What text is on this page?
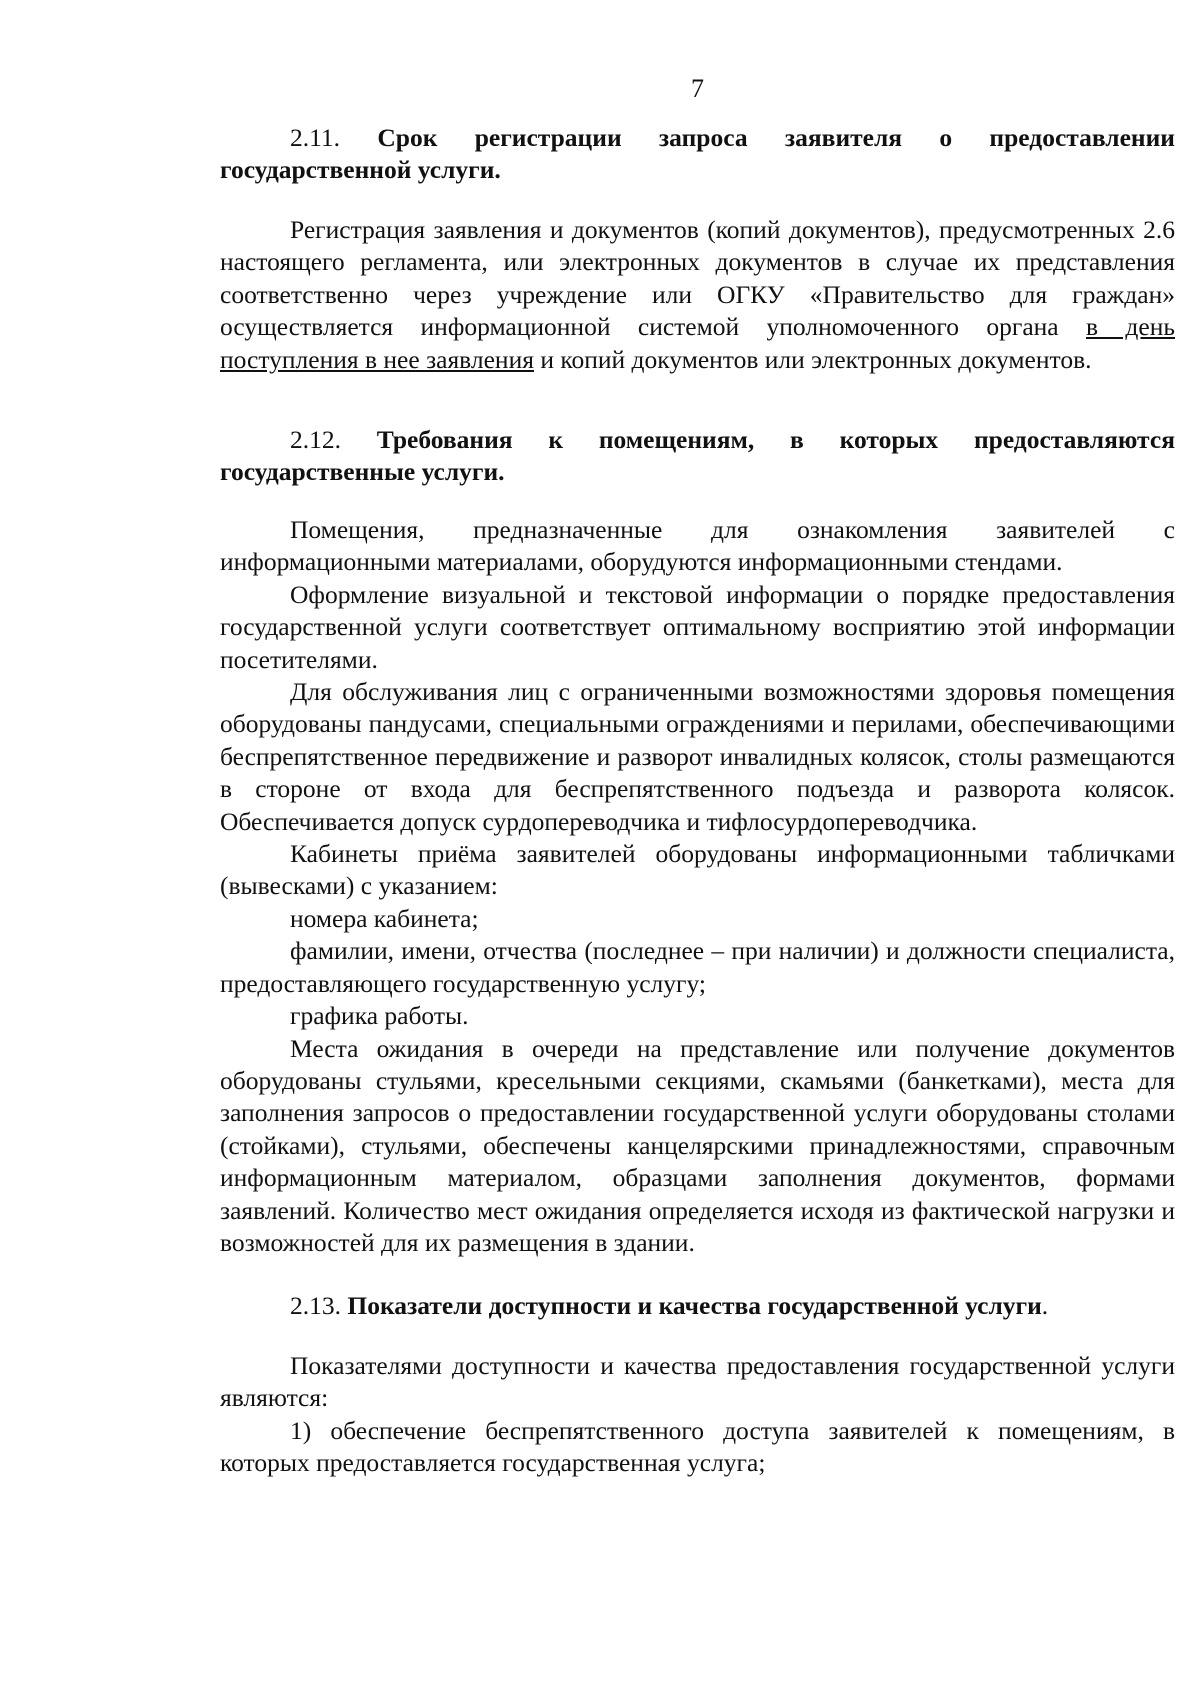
7

2.11. Срок регистрации запроса заявителя о предоставлении государственной услуги.

Регистрация заявления и документов (копий документов), предусмотренных 2.6 настоящего регламента, или электронных документов в случае их представления соответственно через учреждение или ОГКУ «Правительство для граждан» осуществляется информационной системой уполномоченного органа в день поступления в нее заявления и копий документов или электронных документов.

2.12. Требования к помещениям, в которых предоставляются государственные услуги.

Помещения, предназначенные для ознакомления заявителей с информационными материалами, оборудуются информационными стендами.

Оформление визуальной и текстовой информации о порядке предоставления государственной услуги соответствует оптимальному восприятию этой информации посетителями.

Для обслуживания лиц с ограниченными возможностями здоровья помещения оборудованы пандусами, специальными ограждениями и перилами, обеспечивающими беспрепятственное передвижение и разворот инвалидных колясок, столы размещаются в стороне от входа для беспрепятственного подъезда и разворота колясок. Обеспечивается допуск сурдопереводчика и тифлосурдопереводчика.

Кабинеты приёма заявителей оборудованы информационными табличками (вывесками) с указанием:

номера кабинета;

фамилии, имени, отчества (последнее – при наличии) и должности специалиста, предоставляющего государственную услугу;

графика работы.

Места ожидания в очереди на представление или получение документов оборудованы стульями, кресельными секциями, скамьями (банкетками), места для заполнения запросов о предоставлении государственной услуги оборудованы столами (стойками), стульями, обеспечены канцелярскими принадлежностями, справочным информационным материалом, образцами заполнения документов, формами заявлений. Количество мест ожидания определяется исходя из фактической нагрузки и возможностей для их размещения в здании.

2.13. Показатели доступности и качества государственной услуги.

Показателями доступности и качества предоставления государственной услуги являются:

1) обеспечение беспрепятственного доступа заявителей к помещениям, в которых предоставляется государственная услуга;
